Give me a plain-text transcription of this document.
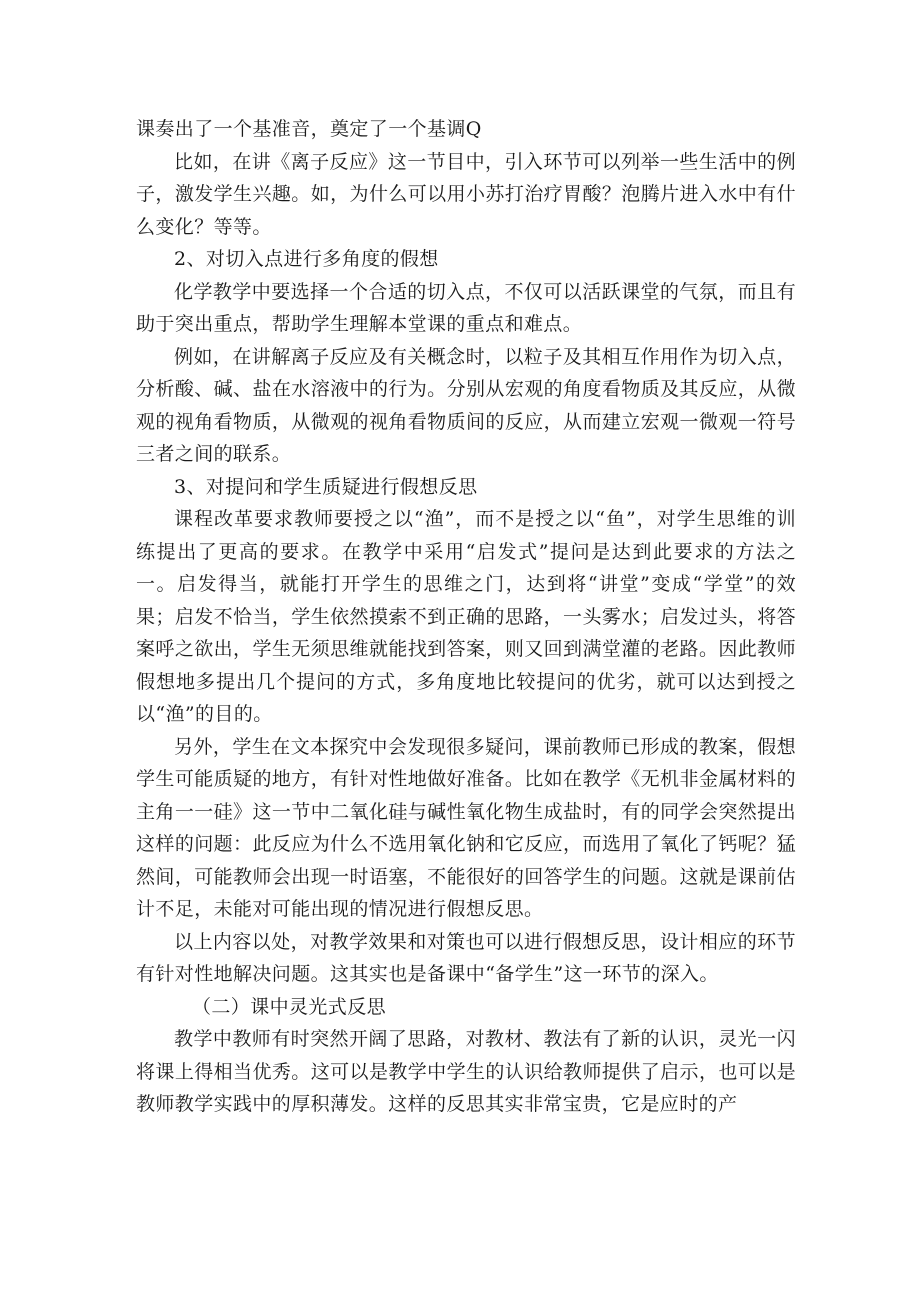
课奏出了一个基准音，奠定了一个基调Q

比如，在讲《离子反应》这一节目中，引入环节可以列举一些生活中的例子，激发学生兴趣。如，为什么可以用小苏打治疗胃酸？泡腾片进入水中有什么变化？等等。

2、对切入点进行多角度的假想

化学教学中要选择一个合适的切入点，不仅可以活跃课堂的气氛，而且有助于突出重点，帮助学生理解本堂课的重点和难点。

例如，在讲解离子反应及有关概念时，以粒子及其相互作用作为切入点，分析酸、碱、盐在水溶液中的行为。分别从宏观的角度看物质及其反应，从微观的视角看物质，从微观的视角看物质间的反应，从而建立宏观一微观一符号三者之间的联系。

3、对提问和学生质疑进行假想反思

课程改革要求教师要授之以“渔”，而不是授之以“鱼”，对学生思维的训练提出了更高的要求。在教学中采用“启发式”提问是达到此要求的方法之一。启发得当，就能打开学生的思维之门，达到将“讲堂”变成“学堂”的效果；启发不恰当，学生依然摸索不到正确的思路，一头雾水；启发过头，将答案呼之欲出，学生无须思维就能找到答案，则又回到满堂灌的老路。因此教师假想地多提出几个提问的方式，多角度地比较提问的优劣，就可以达到授之以“渔”的目的。

另外，学生在文本探究中会发现很多疑问，课前教师已形成的教案，假想学生可能质疑的地方，有针对性地做好准备。比如在教学《无机非金属材料的主角一一硅》这一节中二氧化硅与碱性氧化物生成盐时，有的同学会突然提出这样的问题：此反应为什么不选用氧化钠和它反应，而选用了氧化了钙呢？猛然间，可能教师会出现一时语塞，不能很好的回答学生的问题。这就是课前估计不足，未能对可能出现的情况进行假想反思。

以上内容以处，对教学效果和对策也可以进行假想反思，设计相应的环节有针对性地解决问题。这其实也是备课中“备学生”这一环节的深入。

（二）课中灵光式反思

教学中教师有时突然开阔了思路，对教材、教法有了新的认识，灵光一闪将课上得相当优秀。这可以是教学中学生的认识给教师提供了启示，也可以是教师教学实践中的厚积薄发。这样的反思其实非常宝贵，它是应时的产
